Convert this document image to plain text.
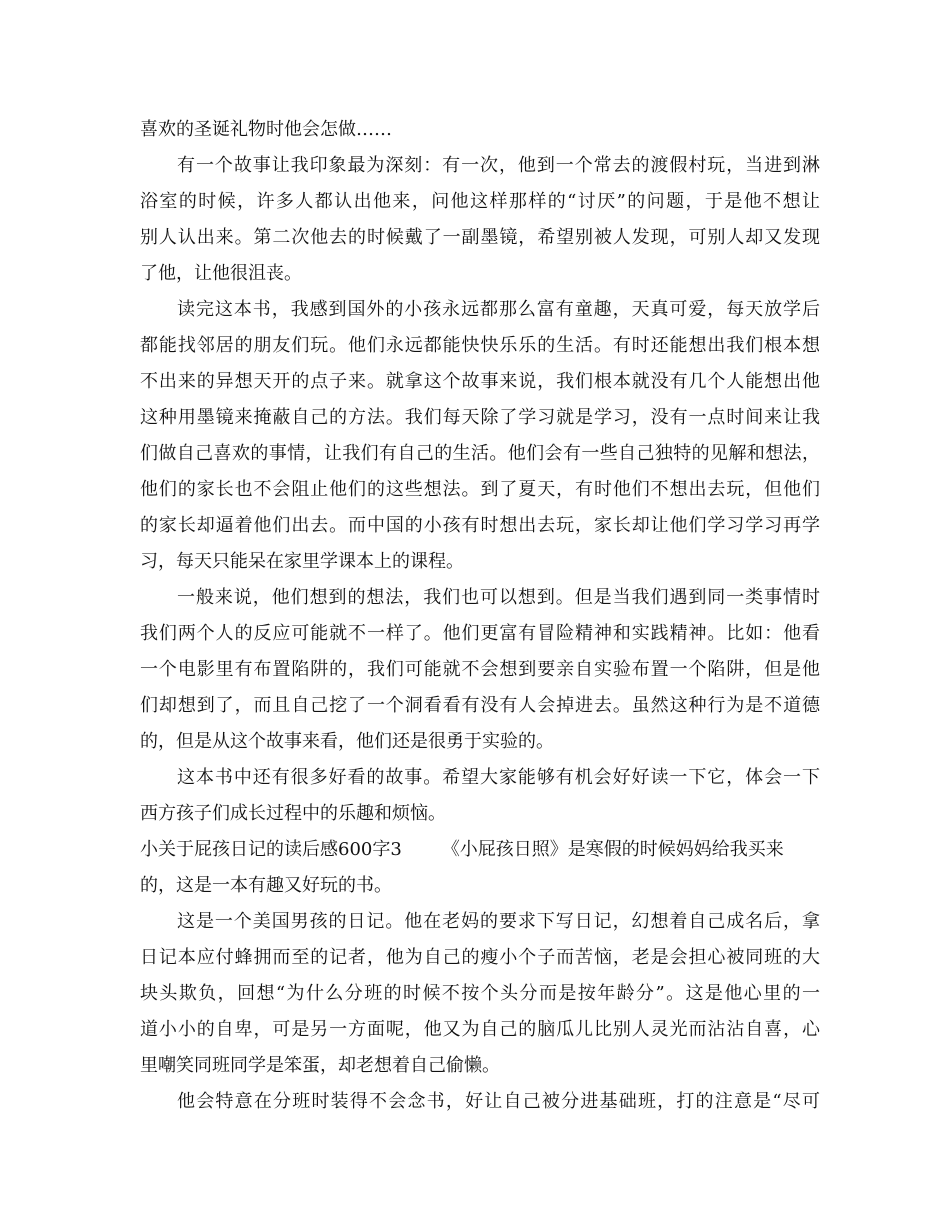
喜欢的圣诞礼物时他会怎做……
有一个故事让我印象最为深刻：有一次，他到一个常去的渡假村玩，当进到淋
浴室的时候，许多人都认出他来，问他这样那样的“讨厌”的问题，于是他不想让
别人认出来。第二次他去的时候戴了一副墨镜，希望别被人发现，可别人却又发现
了他，让他很沮丧。
读完这本书，我感到国外的小孩永远都那么富有童趣，天真可爱，每天放学后
都能找邻居的朋友们玩。他们永远都能快快乐乐的生活。有时还能想出我们根本想
不出来的异想天开的点子来。就拿这个故事来说，我们根本就没有几个人能想出他
这种用墨镜来掩蔽自己的方法。我们每天除了学习就是学习，没有一点时间来让我
们做自己喜欢的事情，让我们有自己的生活。他们会有一些自己独特的见解和想法，
他们的家长也不会阻止他们的这些想法。到了夏天，有时他们不想出去玩，但他们
的家长却逼着他们出去。而中国的小孩有时想出去玩，家长却让他们学习学习再学
习，每天只能呆在家里学课本上的课程。
一般来说，他们想到的想法，我们也可以想到。但是当我们遇到同一类事情时
我们两个人的反应可能就不一样了。他们更富有冒险精神和实践精神。比如：他看
一个电影里有布置陷阱的，我们可能就不会想到要亲自实验布置一个陷阱，但是他
们却想到了，而且自己挖了一个洞看看有没有人会掉进去。虽然这种行为是不道德
的，但是从这个故事来看，他们还是很勇于实验的。
这本书中还有很多好看的故事。希望大家能够有机会好好读一下它，体会一下
西方孩子们成长过程中的乐趣和烦恼。
小关于屁孩日记的读后感600字3 《小屁孩日照》是寒假的时候妈妈给我买来
的，这是一本有趣又好玩的书。
这是一个美国男孩的日记。他在老妈的要求下写日记，幻想着自己成名后，拿
日记本应付蜂拥而至的记者，他为自己的瘦小个子而苦恼，老是会担心被同班的大
块头欺负，回想“为什么分班的时候不按个头分而是按年龄分”。这是他心里的一
道小小的自卑，可是另一方面呢，他又为自己的脑瓜儿比别人灵光而沾沾自喜，心
里嘲笑同班同学是笨蛋，却老想着自己偷懒。
他会特意在分班时装得不会念书，好让自己被分进基础班，打的注意是“尽可
